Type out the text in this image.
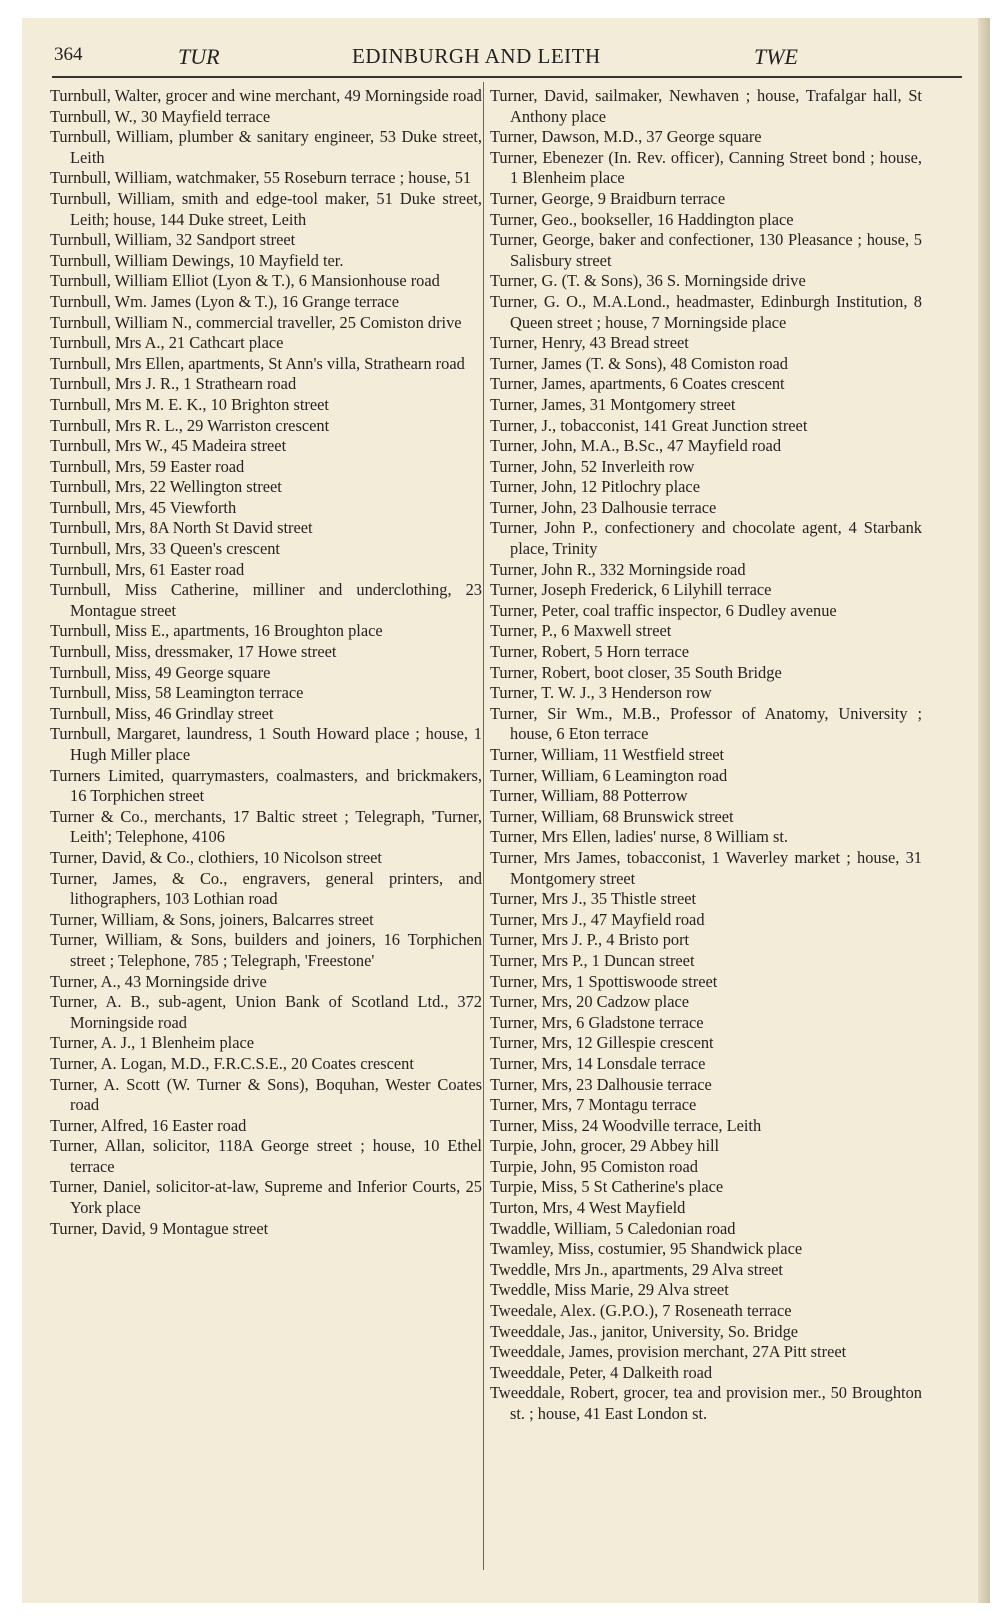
364	TUR	EDINBURGH AND LEITH	TWE

Turnbull, Walter, grocer and wine merchant, 49 Morningside road

Turnbull, W., 30 Mayfield terrace

Turnbull, William, plumber & sanitary engineer, 53 Duke street, Leith

Turnbull, William, watchmaker, 55 Roseburn terrace ; house, 51

Turnbull, William, smith and edge-tool maker, 51 Duke street, Leith; house, 144 Duke street, Leith

Turnbull, William, 32 Sandport street

Turnbull, William Dewings, 10 Mayfield ter.

Turnbull, William Elliot (Lyon & T.), 6 Mansionhouse road

Turnbull, Wm. James (Lyon & T.), 16 Grange terrace

Turnbull, William N., commercial traveller, 25 Comiston drive

Turnbull, Mrs A., 21 Cathcart place

Turnbull, Mrs Ellen, apartments, St Ann's villa, Strathearn road

Turnbull, Mrs J. R., 1 Strathearn road

Turnbull, Mrs M. E. K., 10 Brighton street

Turnbull, Mrs R. L., 29 Warriston crescent

Turnbull, Mrs W., 45 Madeira street

Turnbull, Mrs, 59 Easter road

Turnbull, Mrs, 22 Wellington street

Turnbull, Mrs, 45 Viewforth

Turnbull, Mrs, 8A North St David street

Turnbull, Mrs, 33 Queen's crescent

Turnbull, Mrs, 61 Easter road

Turnbull, Miss Catherine, milliner and underclothing, 23 Montague street

Turnbull, Miss E., apartments, 16 Broughton place

Turnbull, Miss, dressmaker, 17 Howe street

Turnbull, Miss, 49 George square

Turnbull, Miss, 58 Leamington terrace

Turnbull, Miss, 46 Grindlay street

Turnbull, Margaret, laundress, 1 South Howard place ; house, 1 Hugh Miller place

Turners Limited, quarrymasters, coalmasters, and brickmakers, 16 Torphichen street

Turner & Co., merchants, 17 Baltic street ; Telegraph, 'Turner, Leith'; Telephone, 4106

Turner, David, & Co., clothiers, 10 Nicolson street

Turner, James, & Co., engravers, general printers, and lithographers, 103 Lothian road

Turner, William, & Sons, joiners, Balcarres street

Turner, William, & Sons, builders and joiners, 16 Torphichen street ; Telephone, 785 ; Telegraph, 'Freestone'

Turner, A., 43 Morningside drive

Turner, A. B., sub-agent, Union Bank of Scotland Ltd., 372 Morningside road

Turner, A. J., 1 Blenheim place

Turner, A. Logan, M.D., F.R.C.S.E., 20 Coates crescent

Turner, A. Scott (W. Turner & Sons), Boquhan, Wester Coates road

Turner, Alfred, 16 Easter road

Turner, Allan, solicitor, 118A George street ; house, 10 Ethel terrace

Turner, Daniel, solicitor-at-law, Supreme and Inferior Courts, 25 York place

Turner, David, 9 Montague street

Turner, David, sailmaker, Newhaven ; house, Trafalgar hall, St Anthony place

Turner, Dawson, M.D., 37 George square

Turner, Ebenezer (In. Rev. officer), Canning Street bond ; house, 1 Blenheim place

Turner, George, 9 Braidburn terrace

Turner, Geo., bookseller, 16 Haddington place

Turner, George, baker and confectioner, 130 Pleasance ; house, 5 Salisbury street

Turner, G. (T. & Sons), 36 S. Morningside drive

Turner, G. O., M.A.Lond., headmaster, Edinburgh Institution, 8 Queen street ; house, 7 Morningside place

Turner, Henry, 43 Bread street

Turner, James (T. & Sons), 48 Comiston road

Turner, James, apartments, 6 Coates crescent

Turner, James, 31 Montgomery street

Turner, J., tobacconist, 141 Great Junction street

Turner, John, M.A., B.Sc., 47 Mayfield road

Turner, John, 52 Inverleith row

Turner, John, 12 Pitlochry place

Turner, John, 23 Dalhousie terrace

Turner, John P., confectionery and chocolate agent, 4 Starbank place, Trinity

Turner, John R., 332 Morningside road

Turner, Joseph Frederick, 6 Lilyhill terrace

Turner, Peter, coal traffic inspector, 6 Dudley avenue

Turner, P., 6 Maxwell street

Turner, Robert, 5 Horn terrace

Turner, Robert, boot closer, 35 South Bridge

Turner, T. W. J., 3 Henderson row

Turner, Sir Wm., M.B., Professor of Anatomy, University ; house, 6 Eton terrace

Turner, William, 11 Westfield street

Turner, William, 6 Leamington road

Turner, William, 88 Potterrow

Turner, William, 68 Brunswick street

Turner, Mrs Ellen, ladies' nurse, 8 William st.

Turner, Mrs James, tobacconist, 1 Waverley market ; house, 31 Montgomery street

Turner, Mrs J., 35 Thistle street

Turner, Mrs J., 47 Mayfield road

Turner, Mrs J. P., 4 Bristo port

Turner, Mrs P., 1 Duncan street

Turner, Mrs, 1 Spottiswoode street

Turner, Mrs, 20 Cadzow place

Turner, Mrs, 6 Gladstone terrace

Turner, Mrs, 12 Gillespie crescent

Turner, Mrs, 14 Lonsdale terrace

Turner, Mrs, 23 Dalhousie terrace

Turner, Mrs, 7 Montagu terrace

Turner, Miss, 24 Woodville terrace, Leith

Turpie, John, grocer, 29 Abbey hill

Turpie, John, 95 Comiston road

Turpie, Miss, 5 St Catherine's place

Turton, Mrs, 4 West Mayfield

Twaddle, William, 5 Caledonian road

Twamley, Miss, costumier, 95 Shandwick place

Tweddle, Mrs Jn., apartments, 29 Alva street

Tweddle, Miss Marie, 29 Alva street

Tweedale, Alex. (G.P.O.), 7 Roseneath terrace

Tweeddale, Jas., janitor, University, So. Bridge

Tweeddale, James, provision merchant, 27A Pitt street

Tweeddale, Peter, 4 Dalkeith road

Tweeddale, Robert, grocer, tea and provision mer., 50 Broughton st. ; house, 41 East London st.
